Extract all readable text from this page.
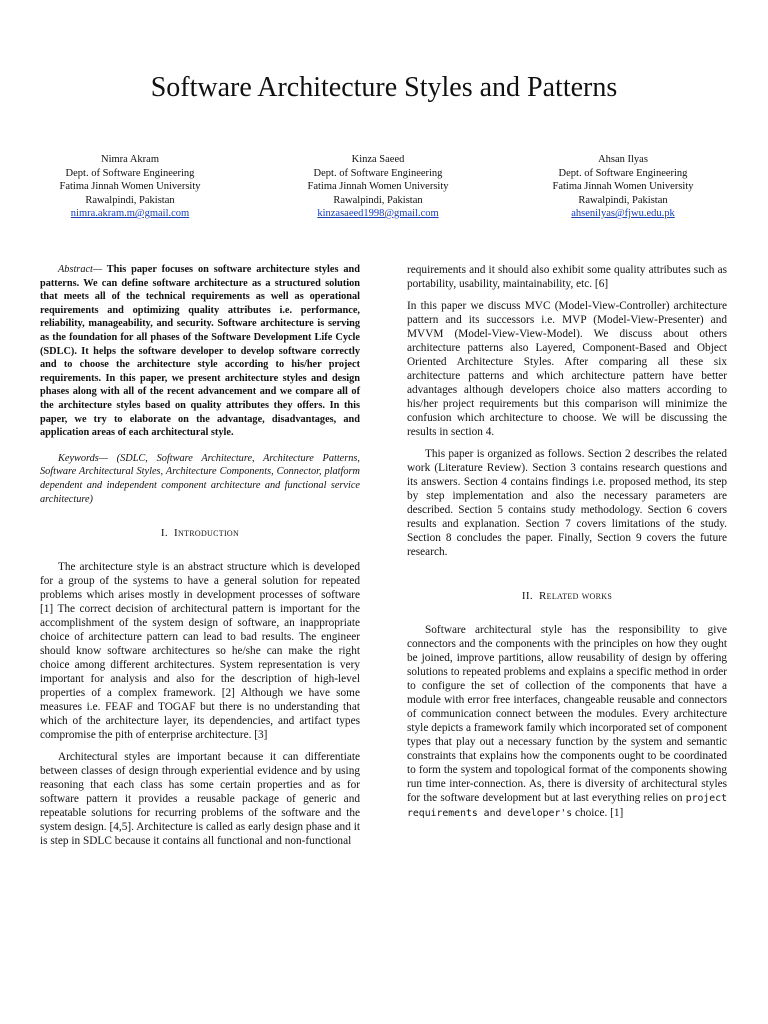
Software Architecture Styles and Patterns
Nimra Akram
Dept. of Software Engineering
Fatima Jinnah Women University
Rawalpindi, Pakistan
nimra.akram.m@gmail.com
Kinza Saeed
Dept. of Software Engineering
Fatima Jinnah Women University
Rawalpindi, Pakistan
kinzasaeed1998@gmail.com
Ahsan Ilyas
Dept. of Software Engineering
Fatima Jinnah Women University
Rawalpindi, Pakistan
ahsenilyas@fjwu.edu.pk

Abstract— This paper focuses on software architecture styles and patterns. We can define software architecture as a structured solution that meets all of the technical requirements as well as operational requirements and optimizing quality attributes i.e. performance, reliability, manageability, and security. Software architecture is serving as the foundation for all phases of the Software Development Life Cycle (SDLC). It helps the software developer to develop software correctly and to choose the architecture style according to his/her project requirements. In this paper, we present architecture styles and design phases along with all of the recent advancement and we compare all of the architecture styles based on quality attributes they offers. In this paper, we try to elaborate on the advantage, disadvantages, and application areas of each architectural style.

Keywords— (SDLC, Software Architecture, Architecture Patterns, Software Architectural Styles, Architecture Components, Connector, platform dependent and independent component architecture and functional service architecture)

I. Introduction

The architecture style is an abstract structure which is developed for a group of the systems to have a general solution for repeated problems which arises mostly in development processes of software [1] The correct decision of architectural pattern is important for the accomplishment of the system design of software, an inappropriate choice of architecture pattern can lead to bad results. The engineer should know software architectures so he/she can make the right choice among different architectures. System representation is very important for analysis and also for the description of high-level properties of a complex framework. [2] Although we have some measures i.e. FEAF and TOGAF but there is no understanding that which of the architecture layer, its dependencies, and artifact types compromise the pith of enterprise architecture. [3]

Architectural styles are important because it can differentiate between classes of design through experiential evidence and by using reasoning that each class has some certain properties and as for software pattern it provides a reusable package of generic and repeatable solutions for recurring problems of the software and the system design. [4,5]. Architecture is called as early design phase and it is step in SDLC because it contains all functional and non-functional

requirements and it should also exhibit some quality attributes such as portability, usability, maintainability, etc. [6]

In this paper we discuss MVC (Model-View-Controller) architecture pattern and its successors i.e. MVP (Model-View-Presenter) and MVVM (Model-View-View-Model). We discuss about others architecture patterns also Layered, Component-Based and Object Oriented Architecture Styles. After comparing all these six architecture patterns and which architecture pattern have better advantages although developers choice also matters according to his/her project requirements but this comparison will minimize the confusion which architecture to choose. We will be discussing the results in section 4.

This paper is organized as follows. Section 2 describes the related work (Literature Review). Section 3 contains research questions and its answers. Section 4 contains findings i.e. proposed method, its step by step implementation and also the necessary parameters are described. Section 5 contains study methodology. Section 6 covers results and explanation. Section 7 covers limitations of the study. Section 8 concludes the paper. Finally, Section 9 covers the future research.

II. Related works

Software architectural style has the responsibility to give connectors and the components with the principles on how they ought be joined, improve partitions, allow reusability of design by offering solutions to repeated problems and explains a specific method in order to configure the set of collection of the components that have a module with error free interfaces, changeable reusable and connectors of communication connect between the modules. Every architecture style depicts a framework family which incorporated set of component types that play out a necessary function by the system and semantic constraints that explains how the components ought to be coordinated to form the system and topological format of the components showing run time inter-connection. As, there is diversity of architectural styles for the software development but at last everything relies on project requirements and developer's choice. [1]
